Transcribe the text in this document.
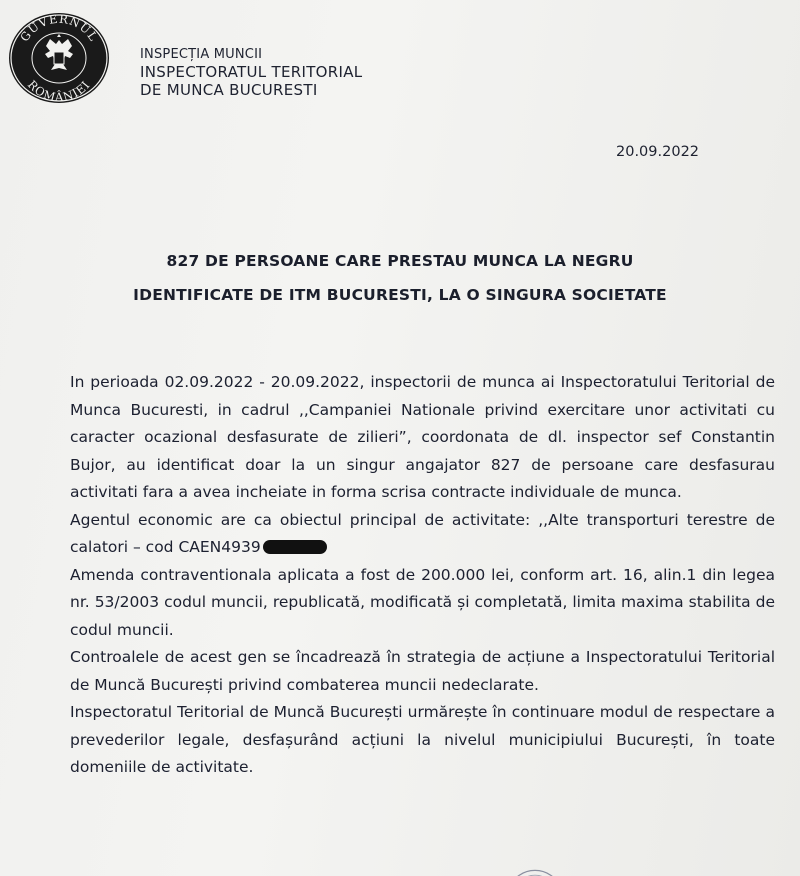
GUVERNUL
ROMÂNIEI
INSPECȚIA MUNCII
INSPECTORATUL TERITORIAL
DE MUNCA BUCURESTI
20.09.2022
827 DE PERSOANE CARE PRESTAU MUNCA LA NEGRU
IDENTIFICATE DE ITM BUCURESTI, LA O SINGURA SOCIETATE

In perioada 02.09.2022 - 20.09.2022, inspectorii de munca ai Inspectoratului Teritorial de Munca Bucuresti, in cadrul ,,Campaniei Nationale privind exercitare unor activitati cu caracter ocazional desfasurate de zilieri”, coordonata de dl. inspector sef Constantin Bujor, au identificat doar la un singur angajator 827 de persoane care desfasurau activitati fara a avea incheiate in forma scrisa contracte individuale de munca.

Agentul economic are ca obiectul principal de activitate: ,,Alte transporturi terestre de calatori – cod CAEN4939

Amenda contraventionala aplicata a fost de 200.000 lei, conform art. 16, alin.1 din legea nr. 53/2003 codul muncii, republicată, modificată și completată, limita maxima stabilita de codul muncii.

Controalele de acest gen se încadrează în strategia de acțiune a Inspectoratului Teritorial de Muncă București privind combaterea muncii nedeclarate.

Inspectoratul Teritorial de Muncă București urmărește în continuare modul de respectare a prevederilor legale, desfașurând acțiuni la nivelul municipiului București, în toate domeniile de activitate.
